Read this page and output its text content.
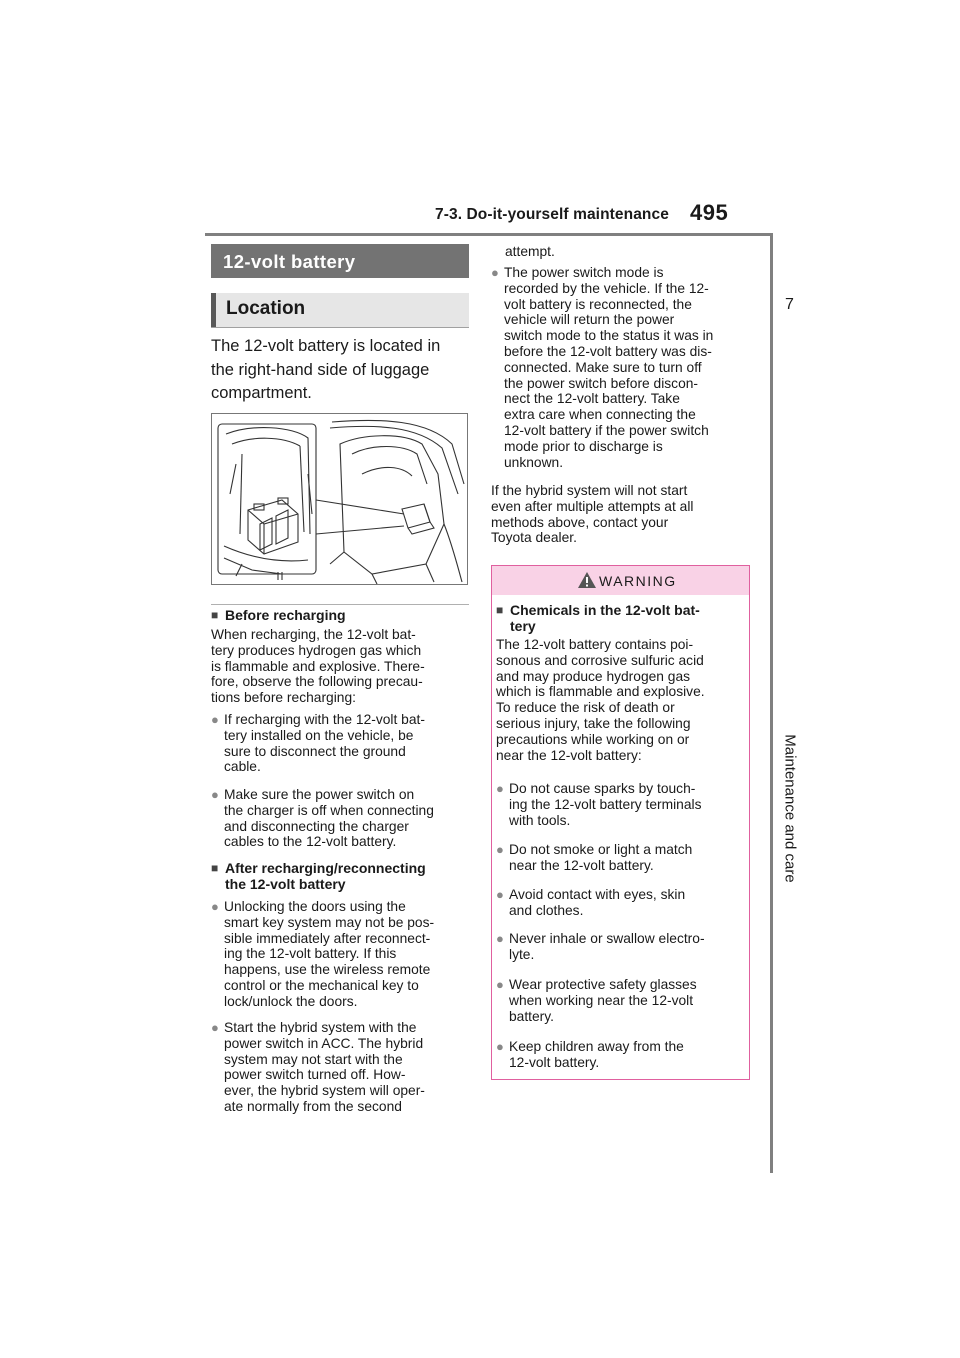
7-3. Do-it-yourself maintenance 495
7
Maintenance and care
12-volt battery
Location
The 12-volt battery is located in
the right-hand side of luggage
compartment.
■ Before recharging
When recharging, the 12-volt bat-
tery produces hydrogen gas which
is flammable and explosive. There-
fore, observe the following precau-
tions before recharging:
● If recharging with the 12-volt bat-
tery installed on the vehicle, be
sure to disconnect the ground
cable.
● Make sure the power switch on
the charger is off when connecting
and disconnecting the charger
cables to the 12-volt battery.
■ After recharging/reconnecting
the 12-volt battery
● Unlocking the doors using the
smart key system may not be pos-
sible immediately after reconnect-
ing the 12-volt battery. If this
happens, use the wireless remote
control or the mechanical key to
lock/unlock the doors.
● Start the hybrid system with the
power switch in ACC. The hybrid
system may not start with the
power switch turned off. How-
ever, the hybrid system will oper-
ate normally from the second
attempt.
● The power switch mode is
recorded by the vehicle. If the 12-
volt battery is reconnected, the
vehicle will return the power
switch mode to the status it was in
before the 12-volt battery was dis-
connected. Make sure to turn off
the power switch before discon-
nect the 12-volt battery. Take
extra care when connecting the
12-volt battery if the power switch
mode prior to discharge is
unknown.
If the hybrid system will not start
even after multiple attempts at all
methods above, contact your
Toyota dealer.
WARNING
■ Chemicals in the 12-volt bat-
tery
The 12-volt battery contains poi-
sonous and corrosive sulfuric acid
and may produce hydrogen gas
which is flammable and explosive.
To reduce the risk of death or
serious injury, take the following
precautions while working on or
near the 12-volt battery:
● Do not cause sparks by touch-
ing the 12-volt battery terminals
with tools.
● Do not smoke or light a match
near the 12-volt battery.
● Avoid contact with eyes, skin
and clothes.
● Never inhale or swallow electro-
lyte.
● Wear protective safety glasses
when working near the 12-volt
battery.
● Keep children away from the
12-volt battery.
